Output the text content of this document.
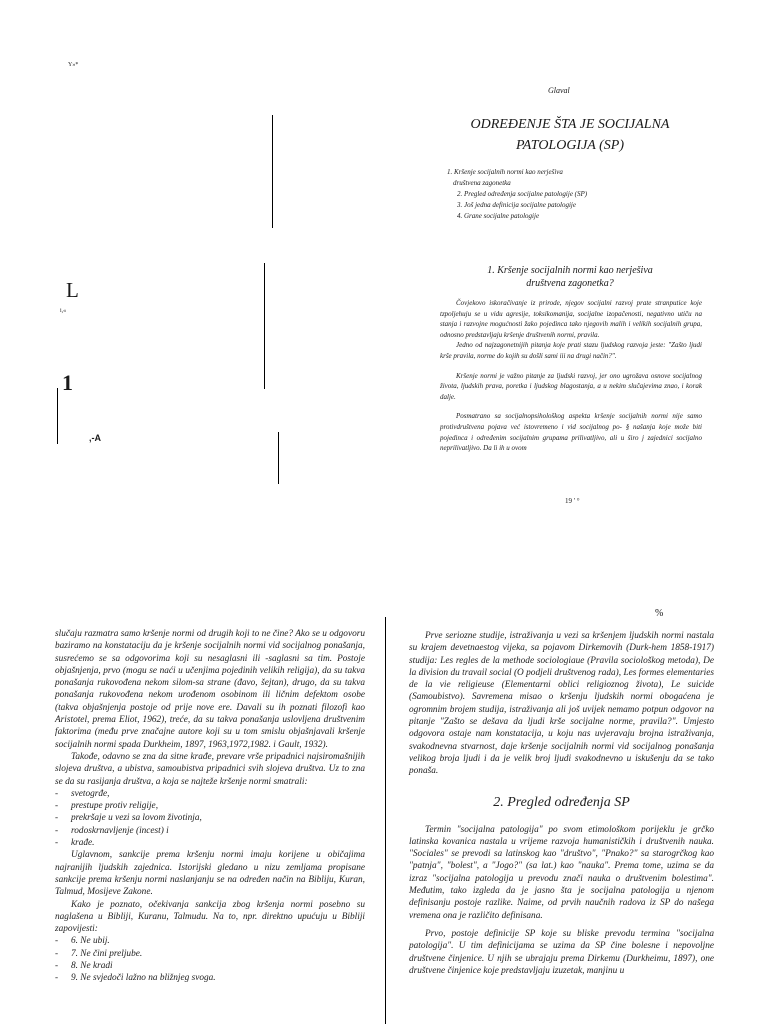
Y»*
L
i,«
1
,-A
Glaval
ODREĐENJE ŠTA JE SOCIJALNA
PATOLOGIJA (SP)
1. Kršenje socijalnih normi kao nerješiva
društvena zagonetka
2. Pregled određenja socijalne patologije (SP)
3. Još jedna definicija socijalne patologije
4. Grane socijalne patologije
1. Kršenje socijalnih normi kao nerješiva
društvena zagonetka?

Čovjekovo iskoračivanje iz prirode, njegov socijalni razvoj prate stranputice koje tzpoljehuju se u vidu agresije, toksikomanija, socijalne izopačenosti, negativno utiču na stanja i razvojne mogućnosti žako pojedinca tako njegovih malih i velikih socijalnih grupa, odnosno predstavljaju kršenje društvenih normi, pravila.

Jedno od najzagonetnijih pitanja koje prati stazu ljudskog razvoja jeste: "Zašto ljudi krše pravila, norme do kojih su došli sami iii na drugi način?".

Kršenje normi je važno pitanje za ljudski razvoj, jer ono ugrožava osnove socijalnog života, ljudskih prava, poretka i ljudskog blagostanja, a u nekim slučajevima znao, i korak dalje.

Posmatrano sa socijalnopsihološkog aspekta kršenje socijalnih normi nije samo protivdruštvena pojava već istovremeno i vid socijalnog po- § našanja koje može biti pojedinca i određenim socijalnim grupama prilivatljivo, ali u širo j zajednici socijalno neprilivatljivo. Da li ih u ovom

19 ' °
%

slučaju razmatra samo kršenje normi od drugih koji to ne čine? Ako se u odgovoru baziramo na konstataciju da je kršenje socijalnih normi vid socijalnog ponašanja, susrećemo se sa odgovorima koji su nesaglasni ili -saglasni sa tim. Postoje objašnjenja, prvo (mogu se naći u učenjima pojedinih velikih religija), da su takva ponašanja rukovođena nekom silom-sa strane (đavo, šejtan), drugo, da su takva ponašanja rukovođena nekom urođenom osobinom ili ličnim defektom osobe (takva objašnjenja postoje od prije nove ere. Davali su ih poznati filozofi kao Aristotel, prema Eliot, 1962), treće, da su takva ponašanja uslovljena društvenim faktorima (među prve značajne autore koji su u tom smislu objašnjavali kršenje socijalnih normi spada Durkheim, 1897, 1963,1972,1982. i Gault, 1932).

Takođe, odavno se zna da sitne krađe, prevare vrše pripadnici najsiromašnijih slojeva društva, a ubistva, samoubistva pripadnici svih slojeva društva. Uz to zna se da su rasijanja društva, a koja se najteže kršenje normi smatrali:

- svetogrđe,
- prestupe protiv religije,
- prekršaje u vezi sa lovom životinja,
- rodoskrnavljenje (incest) i
- krađe.

Uglavnom, sankcije prema kršenju normi imaju korijene u običajima najranijih ljudskih zajednica. Istorijski gledano u nizu zemljama propisane sankcije prema kršenju normi naslanjanju se na određen način na Bibliju, Kuran, Talmud, Mosijeve Zakone.

Kako je poznato, očekivanja sankcija zbog kršenja normi posebno su naglašena u Bibliji, Kuranu, Talmudu. Na to, npr. direktno upućuju u Bibliji zapovijesti:

- 6. Ne ubij.
- 7. Ne čini preljube.
- 8. Ne kradi
- 9. Ne svjedoči lažno na bližnjeg svoga.

Prve seriozne studije, istraživanja u vezi sa kršenjem ljudskih normi nastala su krajem devetnaestog vijeka, sa pojavom Dirkemovih (Durk-hem 1858-1917) studija: Les regles de la methode sociologiaue (Pravila sociološkog metoda), De la division du travail social (O podjeli društvenog rada), Les formes elementaries de la vie religieuse (Elementarni oblici religioznog života), Le suicide (Samoubistvo). Savremena misao o kršenju ljudskih normi obogaćena je ogromnim brojem studija, istraživanja ali još uvijek nemamo potpun odgovor na pitanje "Zašto se dešava da ljudi krše socijalne norme, pravila?". Umjesto odgovora ostaje nam konstatacija, u koju nas uvjeravaju brojna istraživanja, svakodnevna stvarnost, daje kršenje socijalnih normi vid socijalnog ponašanja velikog broja ljudi i da je velik broj ljudi svakodnevno u iskušenju da se tako ponaša.

2. Pregled određenja SP

Termin "socijalna patologija" po svom etimološkom porijeklu je grčko latinska kovanica nastala u vrijeme razvoja humanističkih i društvenih nauka. "Sociales" se prevodi sa latinskog kao "društvo", "Pnako?" sa starogrčkog kao "patnja", "bolest", a "Jogo?" (sa lat.) kao "nauka". Prema tome, uzima se da izraz "socijalna patologija u prevodu znači nauka o društvenim bolestima". Međutim, tako izgleda da je jasno šta je socijalna patologija u njenom definisanju postoje razlike. Naime, od prvih naučnih radova iz SP do našega vremena ona je različito definisana.

Prvo, postoje definicije SP koje su bliske prevodu termina "socijalna patologija". U tim definicijama se uzima da SP čine bolesne i nepovoljne društvene činjenice. U njih se ubrajaju prema Dirkemu (Durkheimu, 1897), one društvene činjenice koje predstavljaju izuzetak, manjinu u
